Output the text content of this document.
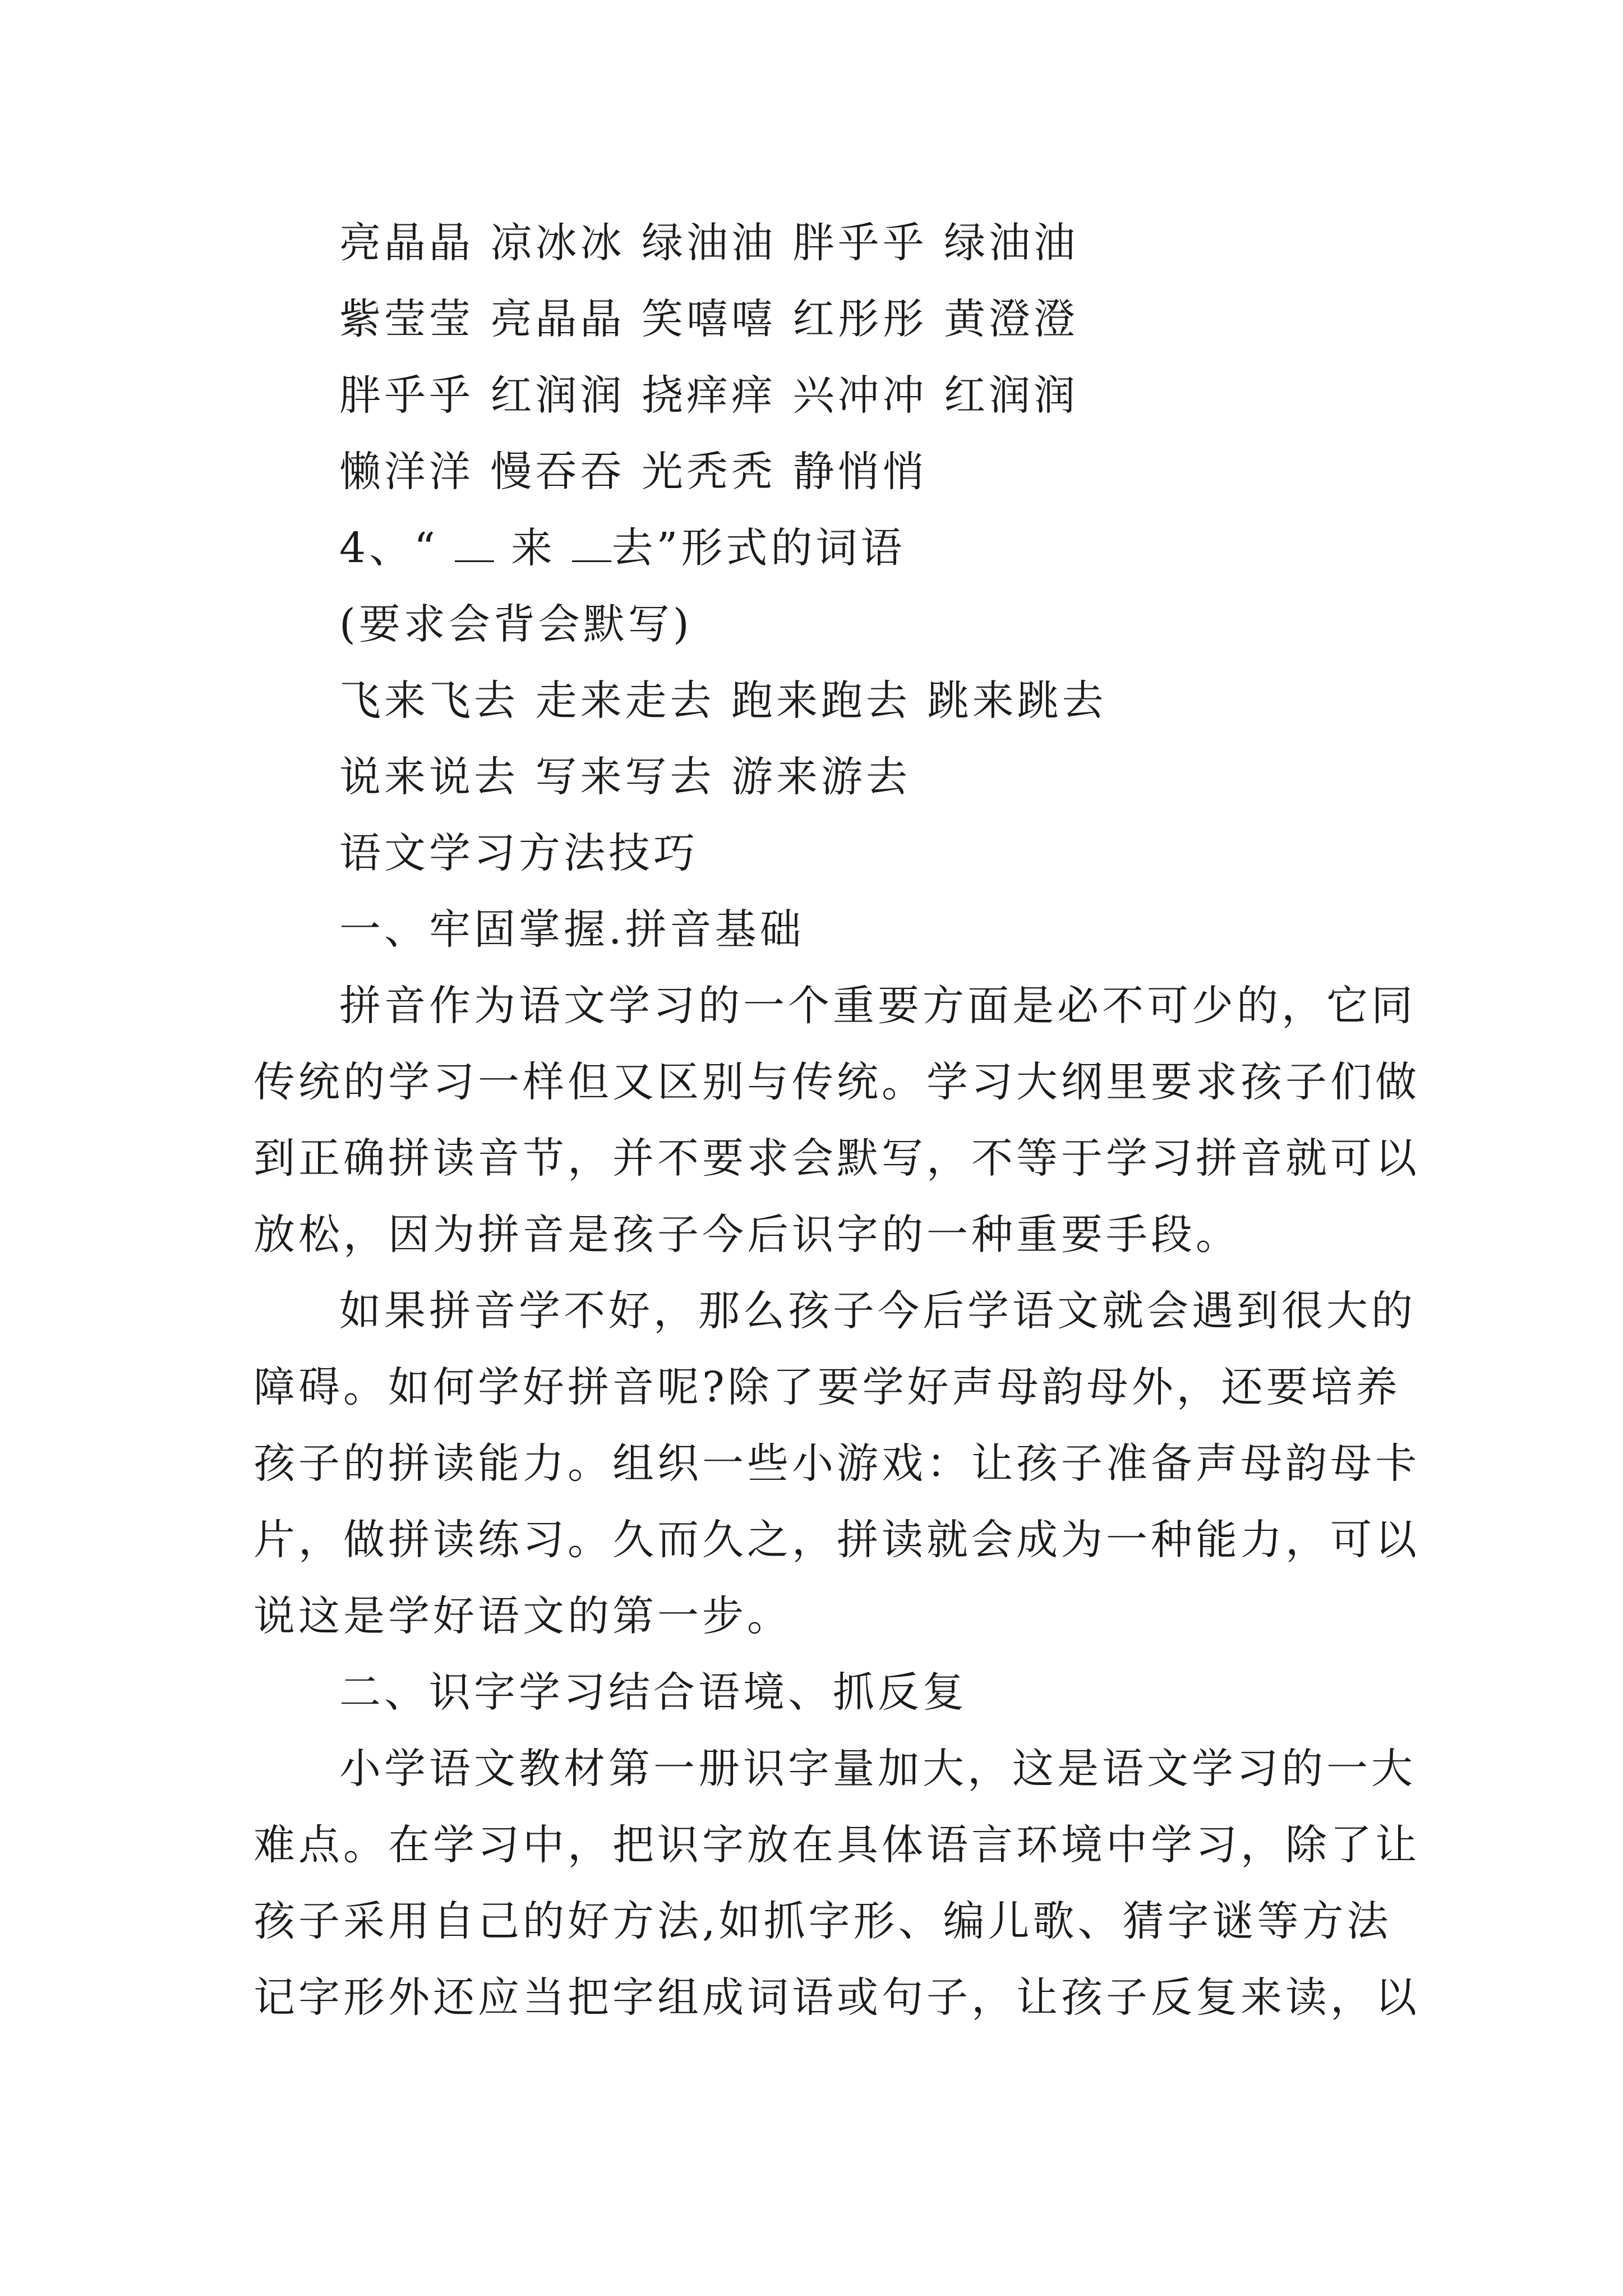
亮晶晶 凉冰冰 绿油油 胖乎乎 绿油油
紫莹莹 亮晶晶 笑嘻嘻 红彤彤 黄澄澄
胖乎乎 红润润 挠痒痒 兴冲冲 红润润
懒洋洋 慢吞吞 光秃秃 静悄悄
4、“  来 去”形式的词语
(要求会背会默写)
飞来飞去 走来走去 跑来跑去 跳来跳去
说来说去 写来写去 游来游去
语文学习方法技巧
一、牢固掌握.拼音基础
拼音作为语文学习的一个重要方面是必不可少的，它同
传统的学习一样但又区别与传统。学习大纲里要求孩子们做
到正确拼读音节，并不要求会默写，不等于学习拼音就可以
放松，因为拼音是孩子今后识字的一种重要手段。
如果拼音学不好，那么孩子今后学语文就会遇到很大的
障碍。如何学好拼音呢?除了要学好声母韵母外，还要培养
孩子的拼读能力。组织一些小游戏：让孩子准备声母韵母卡
片，做拼读练习。久而久之，拼读就会成为一种能力，可以
说这是学好语文的第一步。
二、识字学习结合语境、抓反复
小学语文教材第一册识字量加大，这是语文学习的一大
难点。在学习中，把识字放在具体语言环境中学习，除了让
孩子采用自己的好方法,如抓字形、编儿歌、猜字谜等方法
记字形外还应当把字组成词语或句子，让孩子反复来读，以
